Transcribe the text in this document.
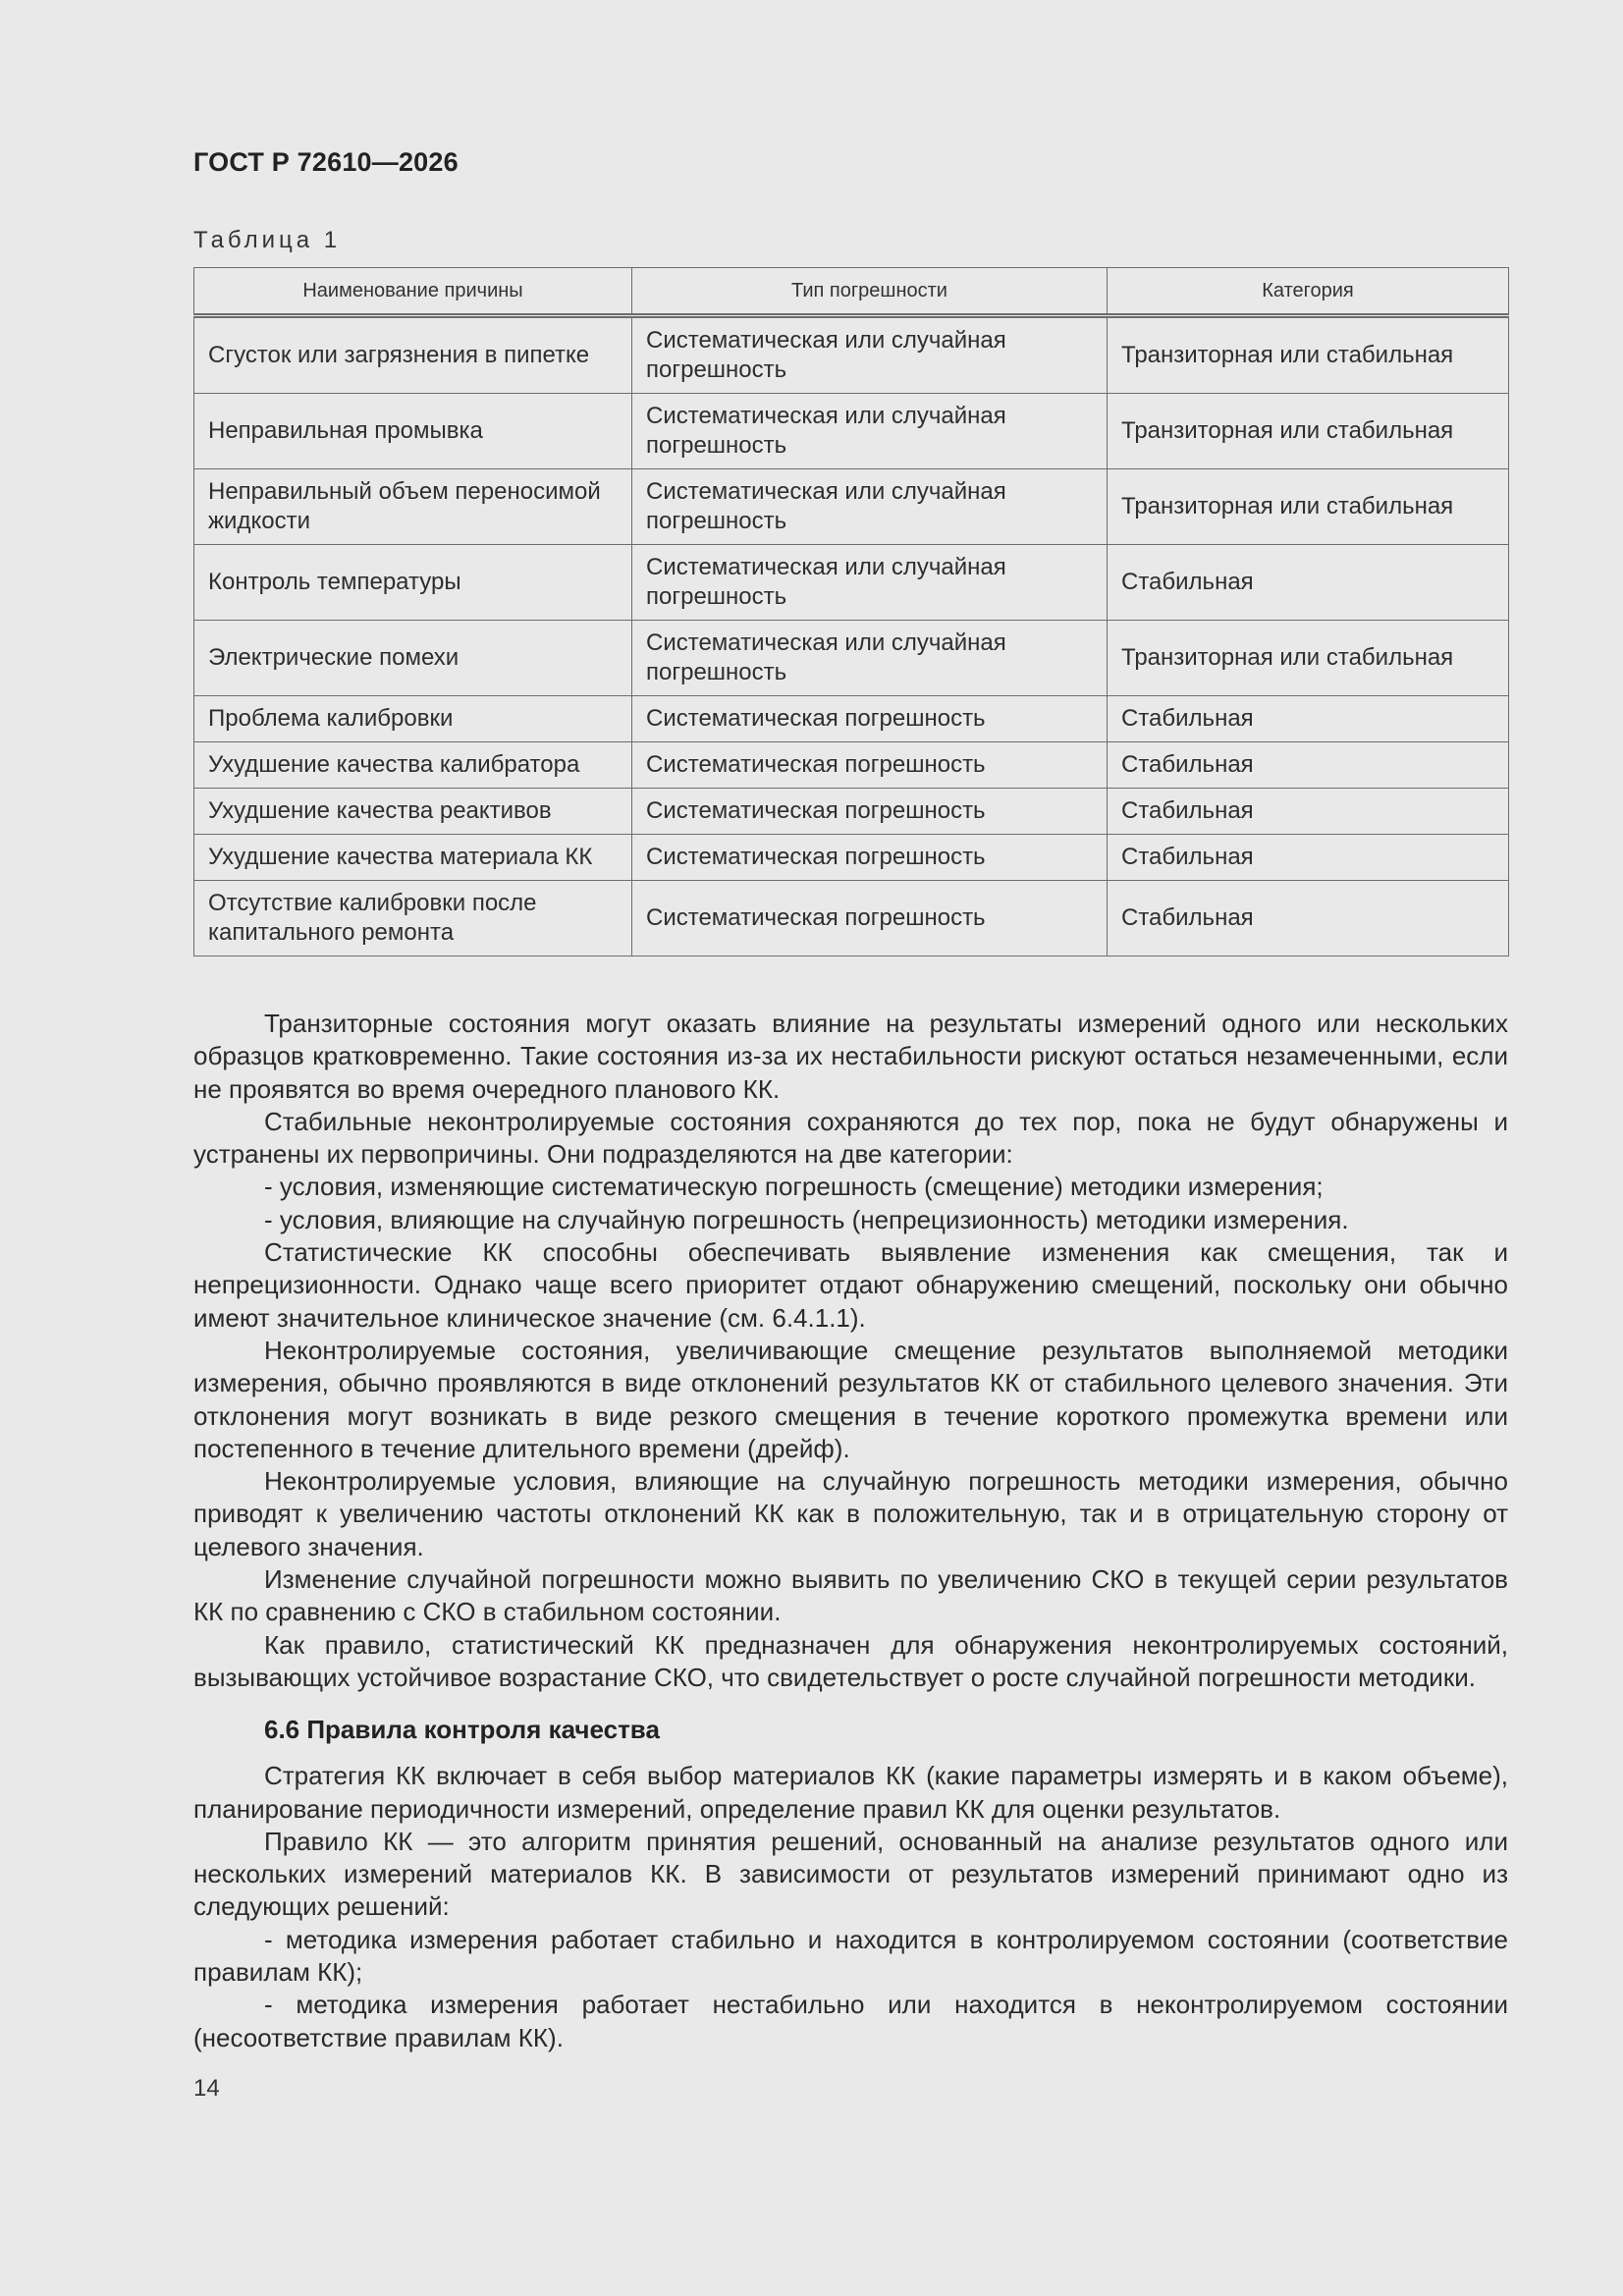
ГОСТ Р 72610—2026
Таблица 1
Наименование причины	Тип погрешности	Категория
Сгусток или загрязнения в пипетке	Систематическая или случайная погрешность	Транзиторная или стабильная
Неправильная промывка	Систематическая или случайная погрешность	Транзиторная или стабильная
Неправильный объем переносимой жидкости	Систематическая или случайная погрешность	Транзиторная или стабильная
Контроль температуры	Систематическая или случайная погрешность	Стабильная
Электрические помехи	Систематическая или случайная погрешность	Транзиторная или стабильная
Проблема калибровки	Систематическая погрешность	Стабильная
Ухудшение качества калибратора	Систематическая погрешность	Стабильная
Ухудшение качества реактивов	Систематическая погрешность	Стабильная
Ухудшение качества материала КК	Систематическая погрешность	Стабильная
Отсутствие калибровки после капитального ремонта	Систематическая погрешность	Стабильная

Транзиторные состояния могут оказать влияние на результаты измерений одного или нескольких образцов кратковременно. Такие состояния из-за их нестабильности рискуют остаться незамеченными, если не проявятся во время очередного планового КК.

Стабильные неконтролируемые состояния сохраняются до тех пор, пока не будут обнаружены и устранены их первопричины. Они подразделяются на две категории:

- условия, изменяющие систематическую погрешность (смещение) методики измерения;

- условия, влияющие на случайную погрешность (непрецизионность) методики измерения.

Статистические КК способны обеспечивать выявление изменения как смещения, так и непрецизионности. Однако чаще всего приоритет отдают обнаружению смещений, поскольку они обычно имеют значительное клиническое значение (см. 6.4.1.1).

Неконтролируемые состояния, увеличивающие смещение результатов выполняемой методики измерения, обычно проявляются в виде отклонений результатов КК от стабильного целевого значения. Эти отклонения могут возникать в виде резкого смещения в течение короткого промежутка времени или постепенного в течение длительного времени (дрейф).

Неконтролируемые условия, влияющие на случайную погрешность методики измерения, обычно приводят к увеличению частоты отклонений КК как в положительную, так и в отрицательную сторону от целевого значения.

Изменение случайной погрешности можно выявить по увеличению СКО в текущей серии результатов КК по сравнению с СКО в стабильном состоянии.

Как правило, статистический КК предназначен для обнаружения неконтролируемых состояний, вызывающих устойчивое возрастание СКО, что свидетельствует о росте случайной погрешности методики.

6.6 Правила контроля качества

Стратегия КК включает в себя выбор материалов КК (какие параметры измерять и в каком объеме), планирование периодичности измерений, определение правил КК для оценки результатов.

Правило КК — это алгоритм принятия решений, основанный на анализе результатов одного или нескольких измерений материалов КК. В зависимости от результатов измерений принимают одно из следующих решений:

- методика измерения работает стабильно и находится в контролируемом состоянии (соответствие правилам КК);

- методика измерения работает нестабильно или находится в неконтролируемом состоянии (несоответствие правилам КК).

14
